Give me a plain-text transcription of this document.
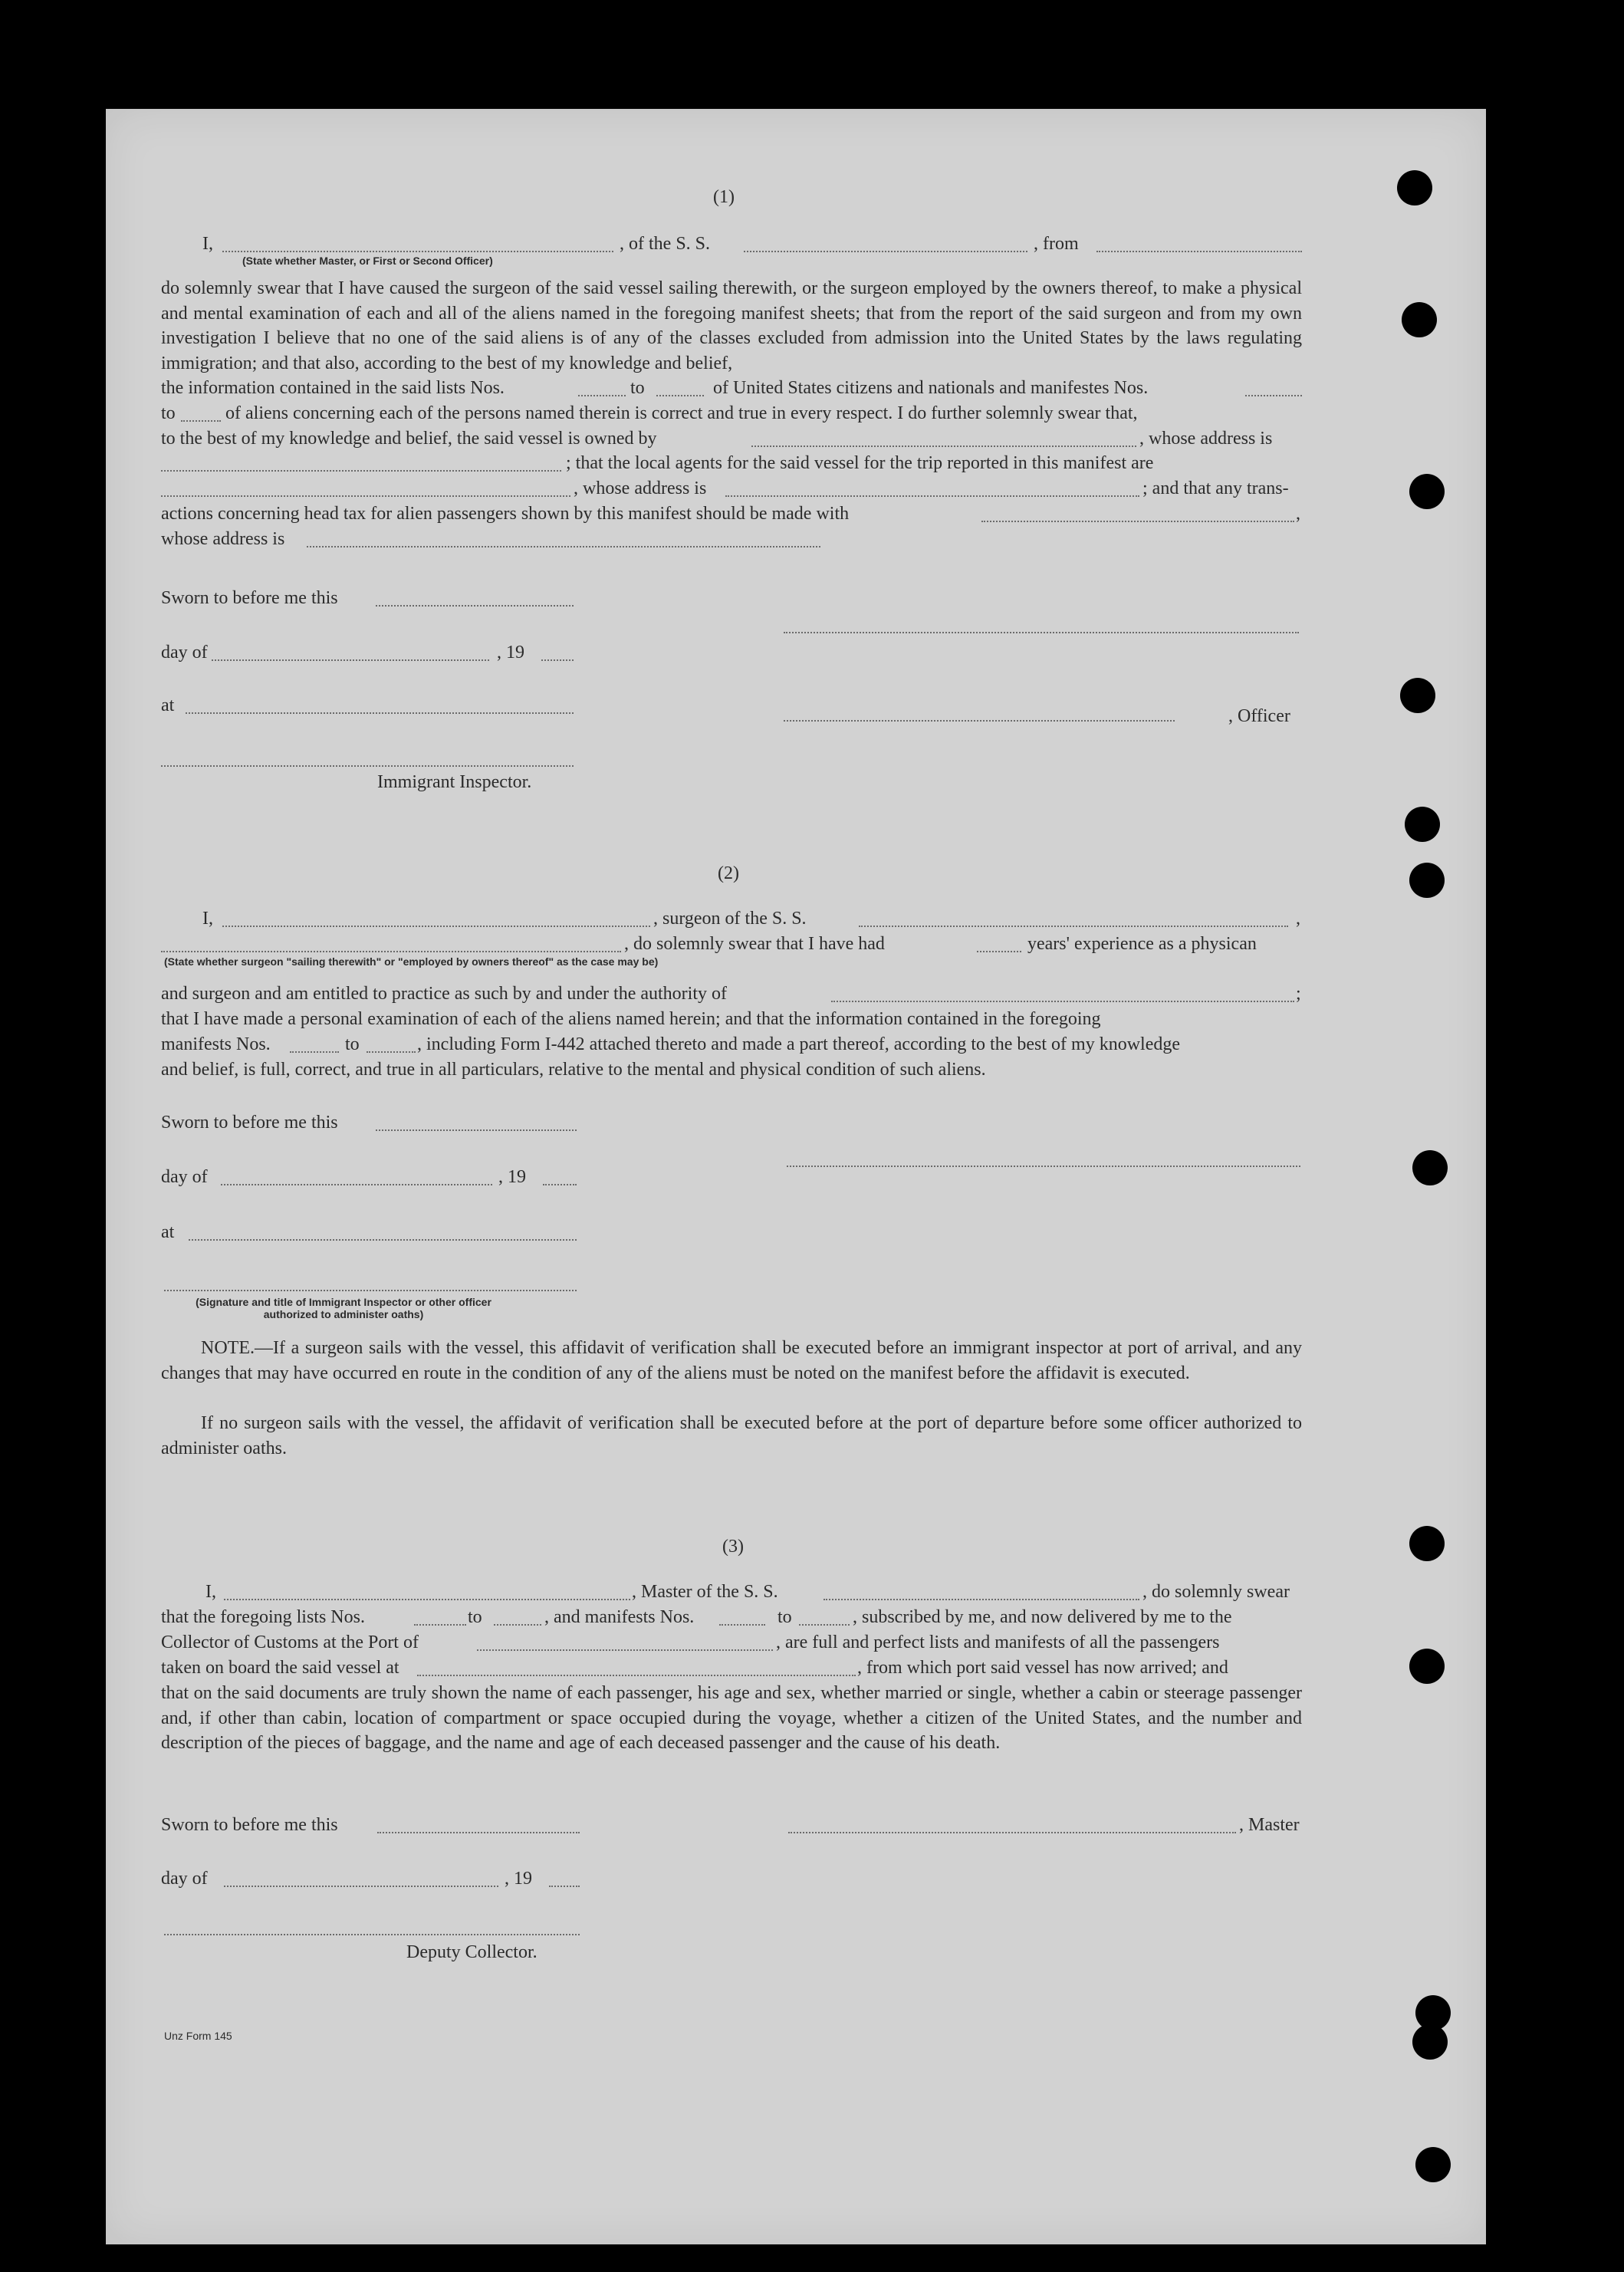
(1)
I,	, of the S. S.	, from
(State whether Master, or First or Second Officer)
do solemnly swear that I have caused the surgeon of the said vessel sailing therewith, or the surgeon employed by the owners thereof, to make a physical and mental examination of each and all of the aliens named in the foregoing manifest sheets; that from the report of the said surgeon and from my own investigation I believe that no one of the said aliens is of any of the classes excluded from admission into the United States by the laws regulating immigration; and that also, according to the best of my knowledge and belief,
the information contained in the said lists Nos.	to	of United States citizens and nationals and manifestes Nos.
to	of aliens concerning each of the persons named therein is correct and true in every respect. I do further solemnly swear that,
to the best of my knowledge and belief, the said vessel is owned by	, whose address is
; that the local agents for the said vessel for the trip reported in this manifest are
, whose address is	; and that any trans-
actions concerning head tax for alien passengers shown by this manifest should be made with	,
whose address is
Sworn to before me this
day of	, 19
at
, Officer
Immigrant Inspector.
(2)
I,	, surgeon of the S. S.	,
, do solemnly swear that I have had	years' experience as a physican
(State whether surgeon "sailing therewith" or "employed by owners thereof" as the case may be)
and surgeon and am entitled to practice as such by and under the authority of	;
that I have made a personal examination of each of the aliens named herein; and that the information contained in the foregoing
manifests Nos.	to	, including Form I-442 attached thereto and made a part thereof, according to the best of my knowledge
and belief, is full, correct, and true in all particulars, relative to the mental and physical condition of such aliens.
Sworn to before me this
day of	, 19
at
(Signature and title of Immigrant Inspector or other officer authorized to administer oaths)
NOTE.—If a surgeon sails with the vessel, this affidavit of verification shall be executed before an immigrant inspector at port of arrival, and any changes that may have occurred en route in the condition of any of the aliens must be noted on the manifest before the affidavit is executed.
If no surgeon sails with the vessel, the affidavit of verification shall be executed before at the port of departure before some officer authorized to administer oaths.
(3)
I,	, Master of the S. S.	, do solemnly swear
that the foregoing lists Nos.	to	, and manifests Nos.	to	, subscribed by me, and now delivered by me to the
Collector of Customs at the Port of	, are full and perfect lists and manifests of all the passengers
taken on board the said vessel at	, from which port said vessel has now arrived; and
that on the said documents are truly shown the name of each passenger, his age and sex, whether married or single, whether a cabin or steerage passenger and, if other than cabin, location of compartment or space occupied during the voyage, whether a citizen of the United States, and the number and description of the pieces of baggage, and the name and age of each deceased passenger and the cause of his death.
Sworn to before me this	, Master
day of	, 19
Deputy Collector.
Unz Form 145
